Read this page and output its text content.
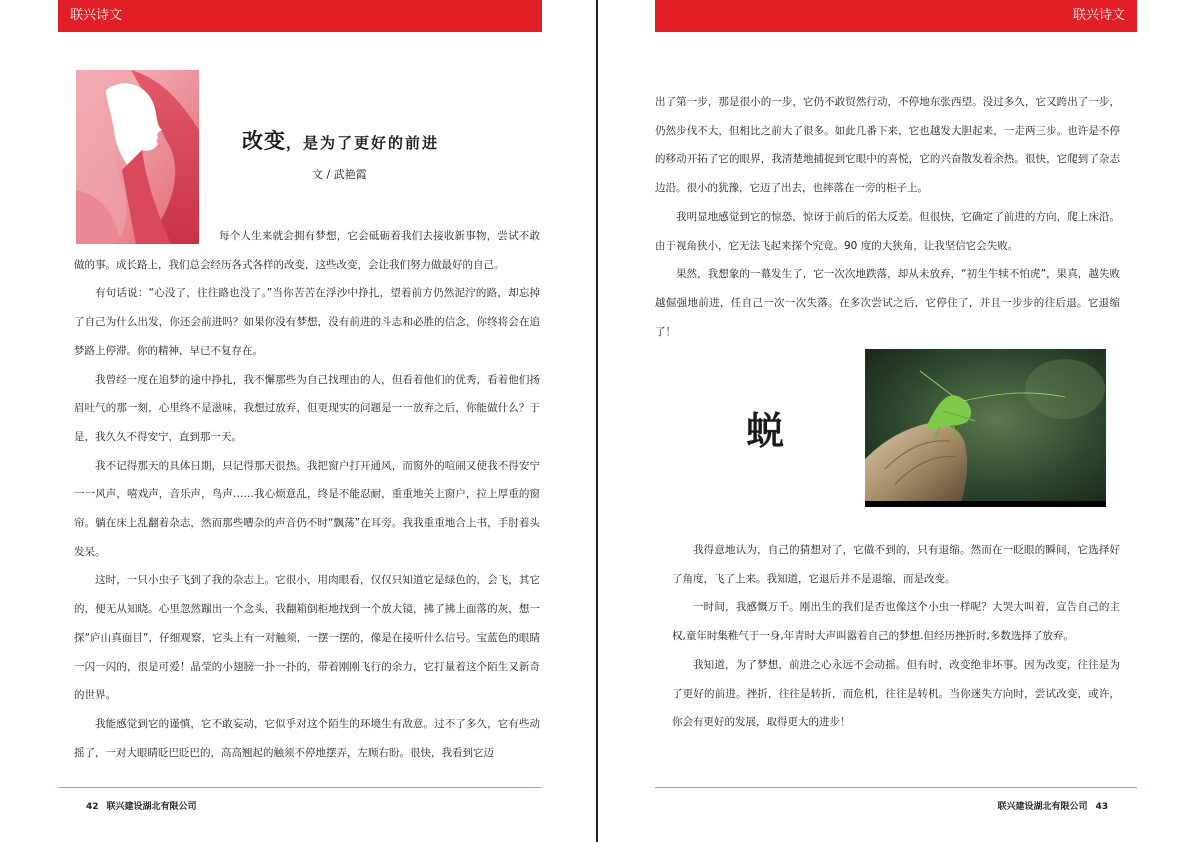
联兴诗文
改变，是为了更好的前进
文 / 武艳霞

每个人生来就会拥有梦想，它会砥砺着我们去接收新事物，尝试不敢做的事。成长路上，我们总会经历各式各样的改变，这些改变，会让我们努力做最好的自己。

有句话说：“心没了，往往路也没了。”当你苦苦在浮沙中挣扎，望着前方仍然泥泞的路，却忘掉了自己为什么出发，你还会前进吗？如果你没有梦想，没有前进的斗志和必胜的信念，你终将会在追梦路上停滞。你的精神，早已不复存在。

我曾经一度在追梦的途中挣扎，我不懈那些为自己找理由的人，但看着他们的优秀，看着他们扬眉吐气的那一刻，心里终不是滋味，我想过放弃，但更现实的问题是一一放弃之后，你能做什么？于是，我久久不得安宁，直到那一天。

我不记得那天的具体日期，只记得那天很热。我把窗户打开通风，而窗外的喧闹又使我不得安宁一一风声，嘻戏声，音乐声，鸟声……我心烦意乱，终是不能忍耐，重重地关上窗户，拉上厚重的窗帘。躺在床上乱翻着杂志，然而那些嘈杂的声音仍不时“飘荡”在耳旁。我我重重地合上书，手肘着头发呆。

这时，一只小虫子飞到了我的杂志上。它很小，用肉眼看，仅仅只知道它是绿色的，会飞，其它的，便无从知晓。心里忽然蹦出一个念头，我翻箱倒柜地找到一个放大镜，拂了拂上面落的灰，想一探“庐山真面目”，仔细观察，它头上有一对触须，一摆一摆的，像是在接听什么信号。宝蓝色的眼睛一闪一闪的，很是可爱！晶莹的小翅膀一扑一扑的，带着刚刚飞行的余力，它打量着这个陌生又新奇的世界。

我能感觉到它的谨慎，它不敢妄动，它似乎对这个陌生的环境生有敌意。过不了多久，它有些动摇了，一对大眼睛眨巴眨巴的，高高翘起的触须不停地摆弄，左顾右盼。很快，我看到它迈

42 联兴建设湖北有限公司
联兴诗文

出了第一步，那是很小的一步，它仍不敢贸然行动，不停地东张西望。没过多久，它又跨出了一步，仍然步伐不大，但相比之前大了很多。如此几番下来，它也越发大胆起来，一走两三步。也许是不停的移动开拓了它的眼界，我清楚地捕捉到它眼中的喜悦，它的兴奋散发着余热。很快，它爬到了杂志边沿。很小的犹豫，它迈了出去，也摔落在一旁的柜子上。

我明显地感觉到它的惊恐，惊讶于前后的偌大反差。但很快，它确定了前进的方向，爬上床沿。由于视角狭小，它无法飞起来探个究竟。90 度的大狭角，让我坚信它会失败。

果然，我想象的一幕发生了，它一次次地跌落，却从未放弃，“初生牛犊不怕虎”，果真，越失败越倔强地前进，任自己一次一次失落。在多次尝试之后，它停住了，并且一步步的往后退。它退缩了！

我得意地认为，自己的猜想对了，它做不到的，只有退缩。然而在一眨眼的瞬间，它选择好了角度，飞了上来。我知道，它退后并不是退缩，而是改变。

一时间，我感慨万千。刚出生的我们是否也像这个小虫一样呢？大哭大叫着，宣告自己的主权,童年时集稚气于一身,年青时大声叫嚣着自己的梦想.但经历挫折时,多数选择了放弃。

我知道，为了梦想，前进之心永远不会动摇。但有时，改变绝非坏事。因为改变，往往是为了更好的前进。挫折，往往是转折，而危机，往往是转机。当你迷失方向时，尝试改变，或许，你会有更好的发展，取得更大的进步！

联兴建设湖北有限公司 43
蜕
